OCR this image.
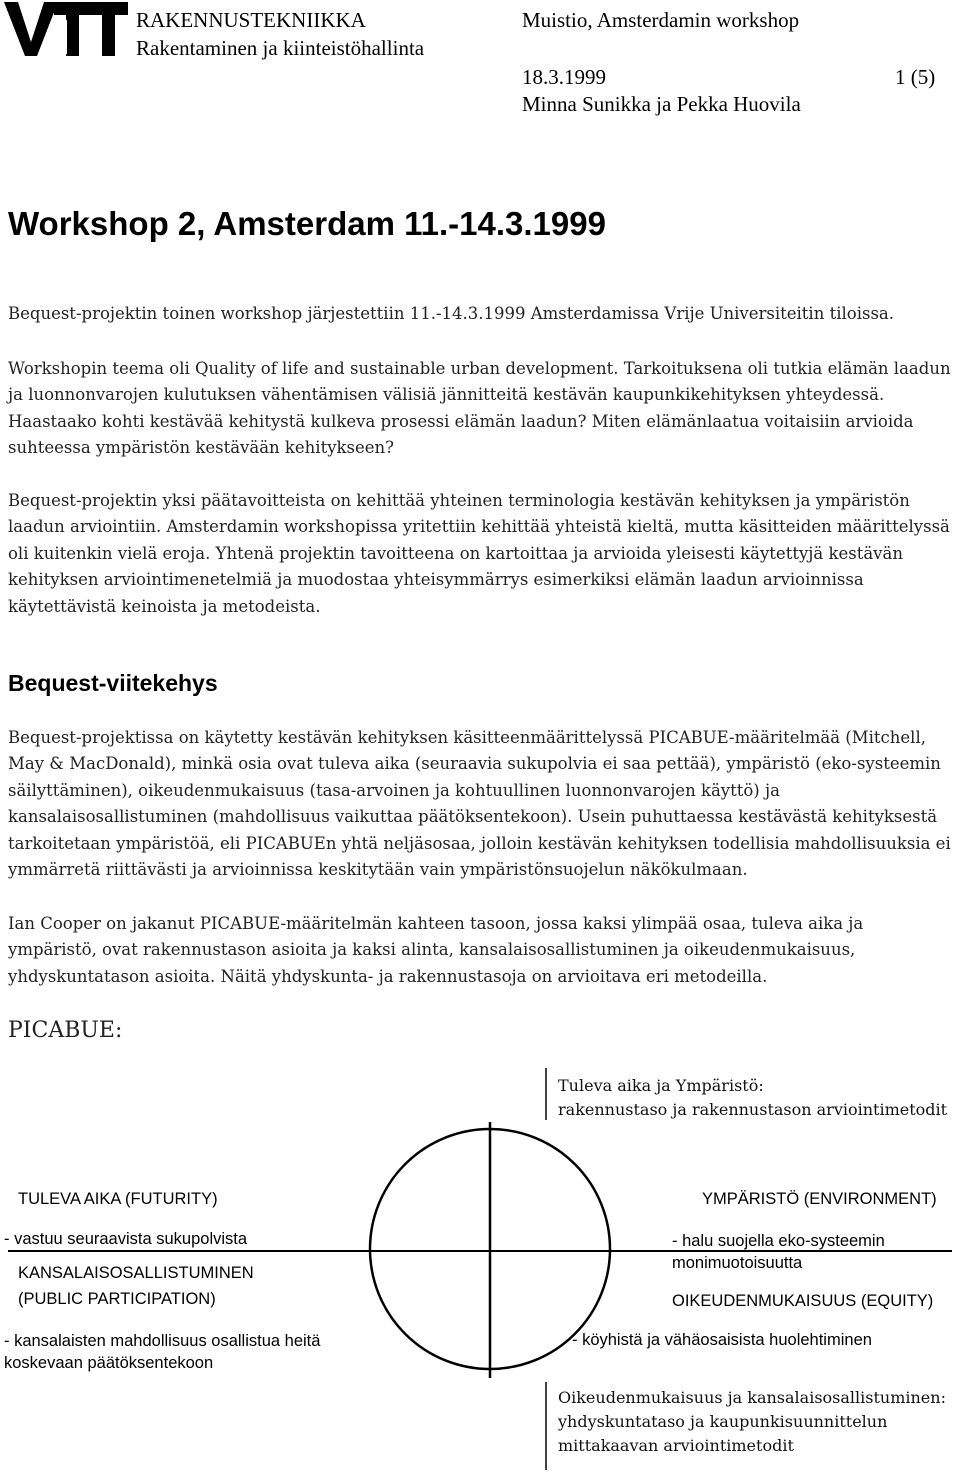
RAKENNUSTEKNIIKKA
Rakentaminen ja kiinteistöhallinta
Muistio, Amsterdamin workshop
18.3.1999	1 (5)
Minna Sunikka ja Pekka Huovila
Workshop 2, Amsterdam 11.-14.3.1999

Bequest-projektin toinen workshop järjestettiin 11.-14.3.1999 Amsterdamissa Vrije Universiteitin tiloissa.

Workshopin teema oli Quality of life and sustainable urban development. Tarkoituksena oli tutkia elämän laadun ja luonnonvarojen kulutuksen vähentämisen välisiä jännitteitä kestävän kaupunkikehityksen yhteydessä. Haastaako kohti kestävää kehitystä kulkeva prosessi elämän laadun? Miten elämänlaatua voitaisiin arvioida suhteessa ympäristön kestävään kehitykseen?

Bequest-projektin yksi päätavoitteista on kehittää yhteinen terminologia kestävän kehityksen ja ympäristön laadun arviointiin. Amsterdamin workshopissa yritettiin kehittää yhteistä kieltä, mutta käsitteiden määrittelyssä oli kuitenkin vielä eroja. Yhtenä projektin tavoitteena on kartoittaa ja arvioida yleisesti käytettyjä kestävän kehityksen arviointimenetelmiä ja muodostaa yhteisymmärrys esimerkiksi elämän laadun arvioinnissa käytettävistä keinoista ja metodeista.

Bequest-viitekehys

Bequest-projektissa on käytetty kestävän kehityksen käsitteenmäärittelyssä PICABUE-määritelmää (Mitchell, May & MacDonald), minkä osia ovat tuleva aika (seuraavia sukupolvia ei saa pettää), ympäristö (eko-systeemin säilyttäminen), oikeudenmukaisuus (tasa-arvoinen ja kohtuullinen luonnonvarojen käyttö) ja kansalaisosallistuminen (mahdollisuus vaikuttaa päätöksentekoon). Usein puhuttaessa kestävästä kehityksestä tarkoitetaan ympäristöä, eli PICABUEn yhtä neljäsosaa, jolloin kestävän kehityksen todellisia mahdollisuuksia ei ymmärretä riittävästi ja arvioinnissa keskitytään vain ympäristönsuojelun näkökulmaan.

Ian Cooper on jakanut PICABUE-määritelmän kahteen tasoon, jossa kaksi ylimpää osaa, tuleva aika ja ympäristö, ovat rakennustason asioita ja kaksi alinta, kansalaisosallistuminen ja oikeudenmukaisuus, yhdyskuntatason asioita. Näitä yhdyskunta- ja rakennustasoja on arvioitava eri metodeilla.

PICABUE:
Tuleva aika ja Ympäristö:
rakennustaso ja rakennustason arviointimetodit
TULEVA AIKA (FUTURITY)
- vastuu seuraavista sukupolvista
YMPÄRISTÖ (ENVIRONMENT)
- halu suojella eko-systeemin
monimuotoisuutta
KANSALAISOSALLISTUMINEN
(PUBLIC PARTICIPATION)
- kansalaisten mahdollisuus osallistua heitä
koskevaan päätöksentekoon
OIKEUDENMUKAISUUS (EQUITY)
- köyhistä ja vähäosaisista huolehtiminen
Oikeudenmukaisuus ja kansalaisosallistuminen:
yhdyskuntataso ja kaupunkisuunnittelun
mittakaavan arviointimetodit
